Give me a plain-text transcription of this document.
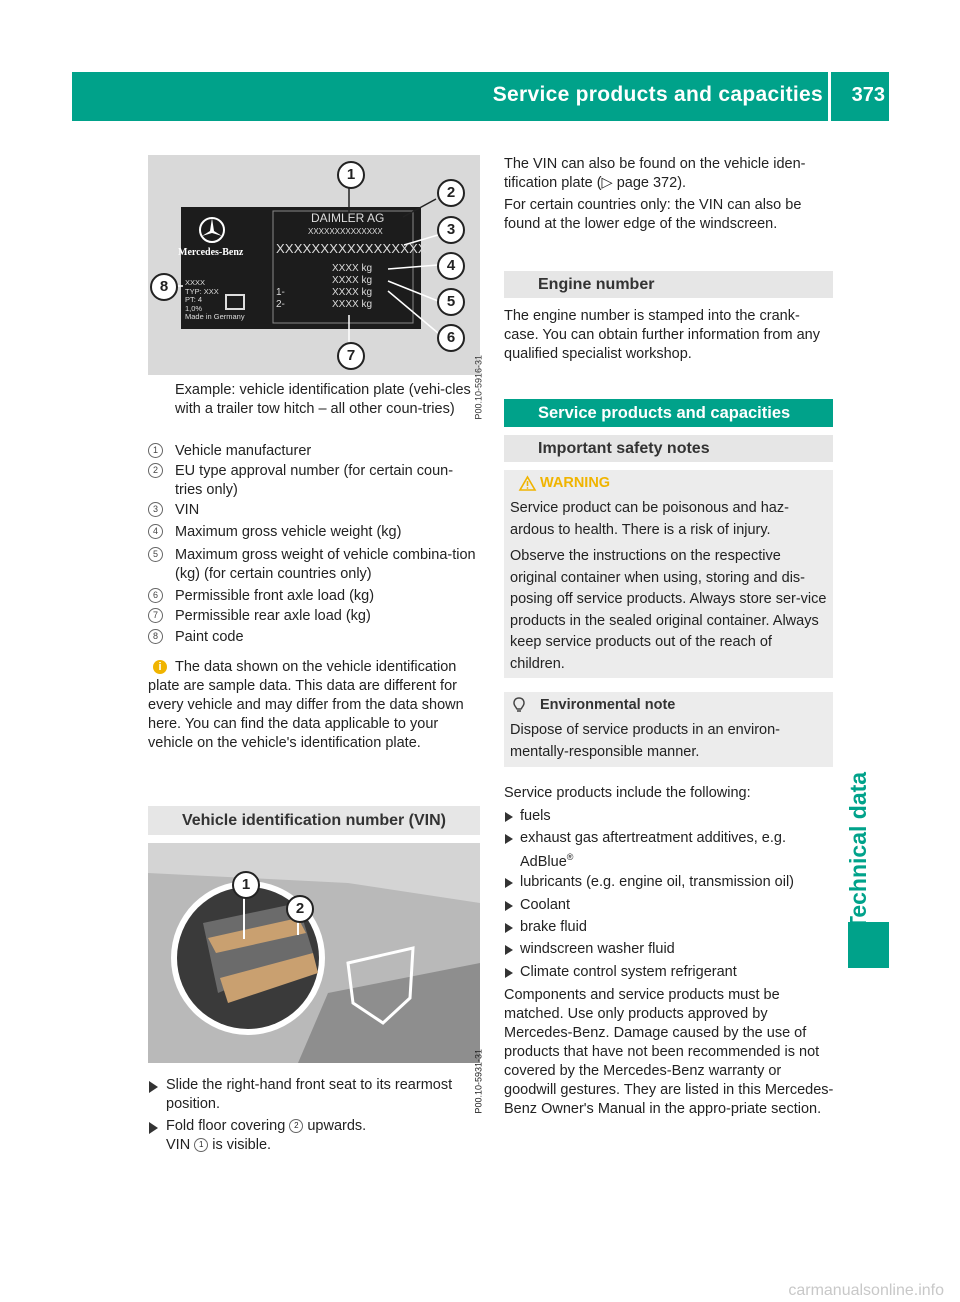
Service products and capacities 373
Technical data
Mercedes-Benz
DAIMLER AG
XXXXXXXXXXXXXX
XXXXXXXXXXXXXXXXX
XXXX kg
XXXX kg
XXXX kg
XXXX kg
1-
2-
XXXX
TYP: XXX
PT: 4
1,0%
Made in Germany
1
2
3
4
5
6
7
8
P00.10-5916-31
Example: vehicle identification plate (vehi-cles with a trailer tow hitch – all other coun-tries)
1	Vehicle manufacturer
2	EU type approval number (for certain coun-tries only)
3	VIN
4	Maximum gross vehicle weight (kg)
5	Maximum gross weight of vehicle combina-tion (kg) (for certain countries only)
6	Permissible front axle load (kg)
7	Permissible rear axle load (kg)
8	Paint code
i The data shown on the vehicle identification plate are sample data. This data are different for every vehicle and may differ from the data shown here. You can find the data applicable to your vehicle on the vehicle's identification plate.
Vehicle identification number (VIN)
1
2
P00.10-5931-31
Slide the right-hand front seat to its rearmost position.
Fold floor covering 2 upwards.
VIN 1 is visible.
The VIN can also be found on the vehicle iden-tification plate (▷ page 372).
For certain countries only: the VIN can also be found at the lower edge of the windscreen.
Engine number
The engine number is stamped into the crank-case. You can obtain further information from any qualified specialist workshop.
Service products and capacities
Important safety notes
WARNING
Service product can be poisonous and haz-ardous to health. There is a risk of injury.
Observe the instructions on the respective original container when using, storing and dis-posing off service products. Always store ser-vice products in the sealed original container. Always keep service products out of the reach of children.
Environmental note
Dispose of service products in an environ-mentally-responsible manner.
Service products include the following:
fuels
exhaust gas aftertreatment additives, e.g. AdBlue®
lubricants (e.g. engine oil, transmission oil)
Coolant
brake fluid
windscreen washer fluid
Climate control system refrigerant
Components and service products must be matched. Use only products approved by Mercedes-Benz. Damage caused by the use of products that have not been recommended is not covered by the Mercedes-Benz warranty or goodwill gestures. They are listed in this Mercedes-Benz Owner's Manual in the appro-priate section.
carmanualsonline.info
